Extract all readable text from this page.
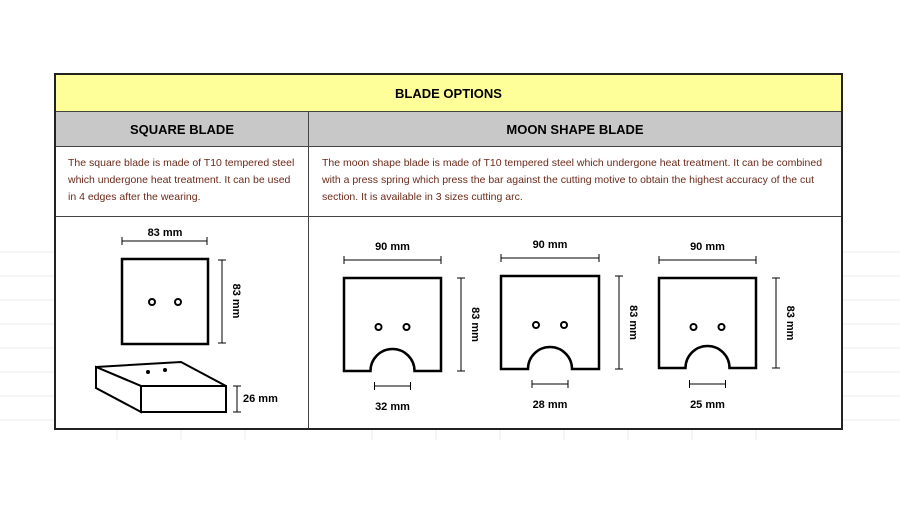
BLADE OPTIONS
SQUARE BLADE	MOON SHAPE BLADE
The square blade is made of T10 tempered steel which undergone heat treatment. It can be used in 4 edges after the wearing.
The moon shape blade is made of T10 tempered steel which undergone heat treatment. It can be combined with a press spring which press the bar against the cutting motive to obtain the highest accuracy of the cut section. It is available in 3 sizes cutting arc.
83 mm
83 mm
26 mm
90 mm
83 mm
32 mm
90 mm
83 mm
28 mm
90 mm
83 mm
25 mm
